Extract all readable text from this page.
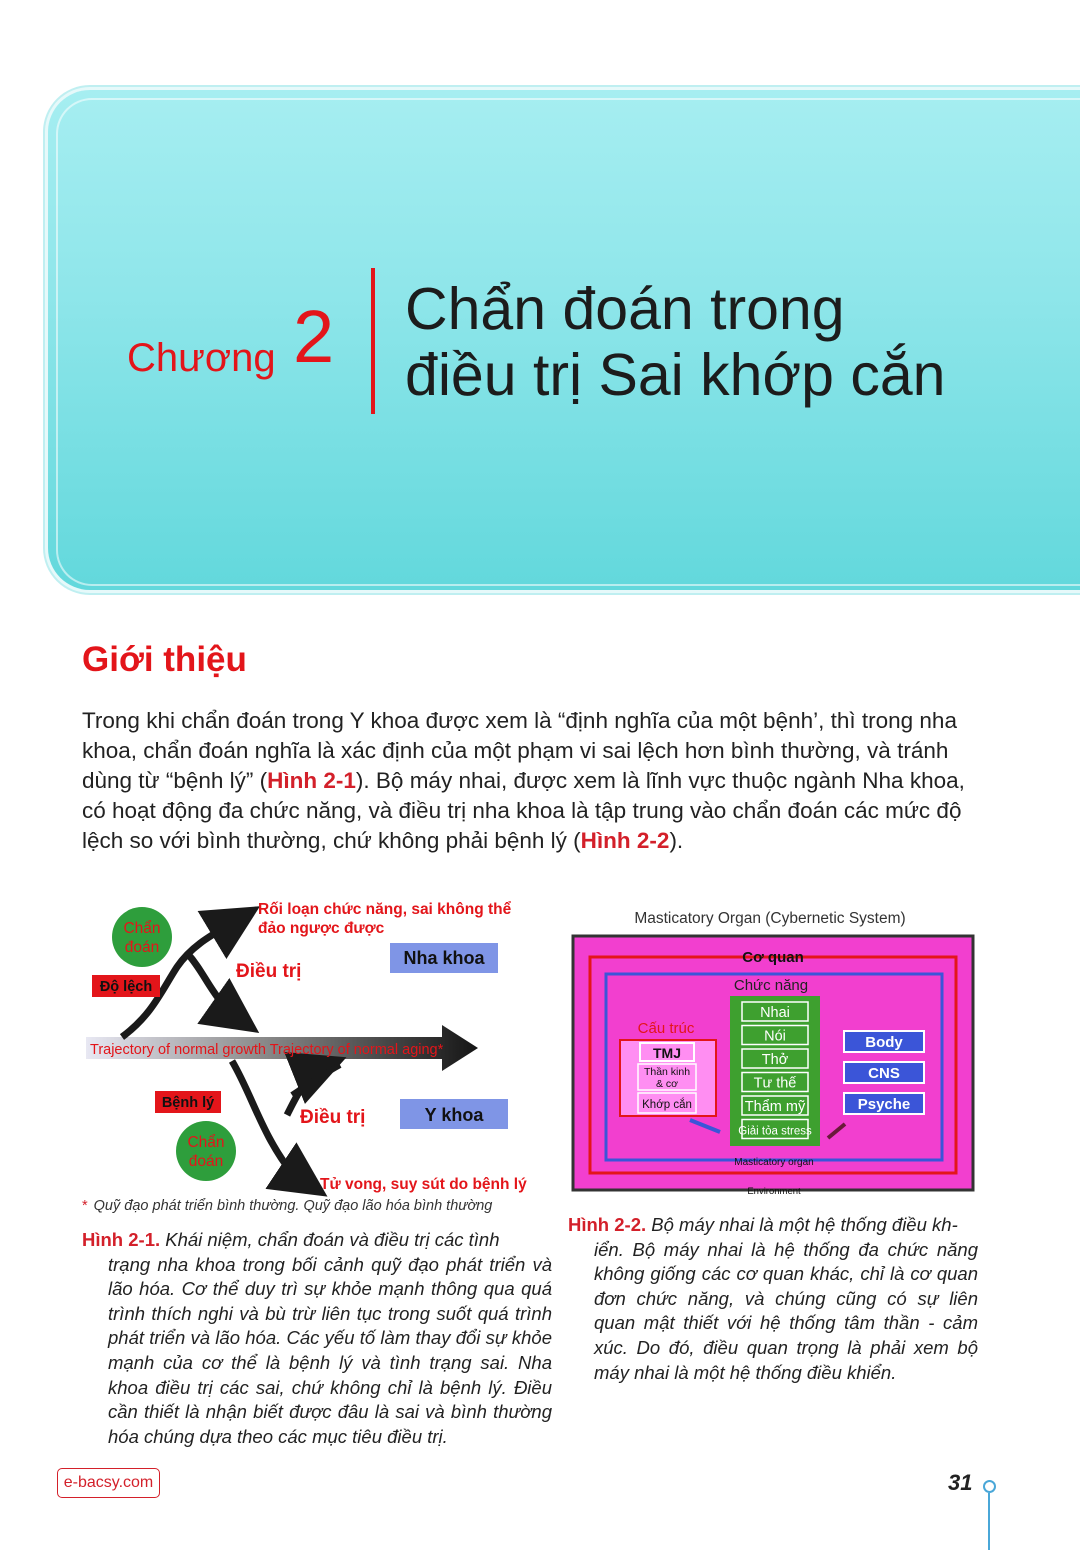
Chương 2 Chẩn đoán trong
điều trị Sai khớp cắn
Giới thiệu
Trong khi chẩn đoán trong Y khoa được xem là “định nghĩa của một bệnh’, thì trong nha khoa, chẩn đoán nghĩa là xác định của một phạm vi sai lệch hơn bình thường, và tránh dùng từ “bệnh lý” (Hình 2-1). Bộ máy nhai, được xem là lĩnh vực thuộc ngành Nha khoa, có hoạt động đa chức năng, và điều trị nha khoa là tập trung vào chẩn đoán các mức độ lệch so với bình thường, chứ không phải bệnh lý (Hình 2-2).
Rối loạn chức năng, sai không thể
đảo ngược được
Chẩn
đoán
Độ lệch
Điều trị
Nha khoa
Trajectory of normal growth Trajectory of normal aging*
Bệnh lý
Điều trị	Y khoa
Chẩn
đoán
Tử vong, suy sút do bệnh lý
* Quỹ đạo phát triển bình thường. Quỹ đạo lão hóa bình thường
Hình 2-1. Khái niệm, chẩn đoán và điều trị các tình
trạng nha khoa trong bối cảnh quỹ đạo phát triển và lão hóa. Cơ thể duy trì sự khỏe mạnh thông qua quá trình thích nghi và bù trừ liên tục trong suốt quá trình phát triển và lão hóa. Các yếu tố làm thay đổi sự khỏe mạnh của cơ thể là bệnh lý và tình trạng sai. Nha khoa điều trị các sai, chứ không chỉ là bệnh lý. Điều cần thiết là nhận biết được đâu là sai và bình thường hóa chúng dựa theo các mục tiêu điều trị.
Masticatory Organ (Cybernetic System)
Cơ quan
Chức năng
Nhai
Nói
Thở
Tư thế
Thẩm mỹ
Giải tỏa stress
Cấu trúc
TMJ
Thần kinh
& cơ
Khớp cắn
Body
CNS
Psyche
Masticatory organ
Environment
Hình 2-2. Bộ máy nhai là một hệ thống điều kh-
iển. Bộ máy nhai là hệ thống đa chức năng không giống các cơ quan khác, chỉ là cơ quan đơn chức năng, và chúng cũng có sự liên quan mật thiết với hệ thống tâm thần - cảm xúc. Do đó, điều quan trọng là phải xem bộ máy nhai là một hệ thống điều khiển.
e-bacsy.com	31
